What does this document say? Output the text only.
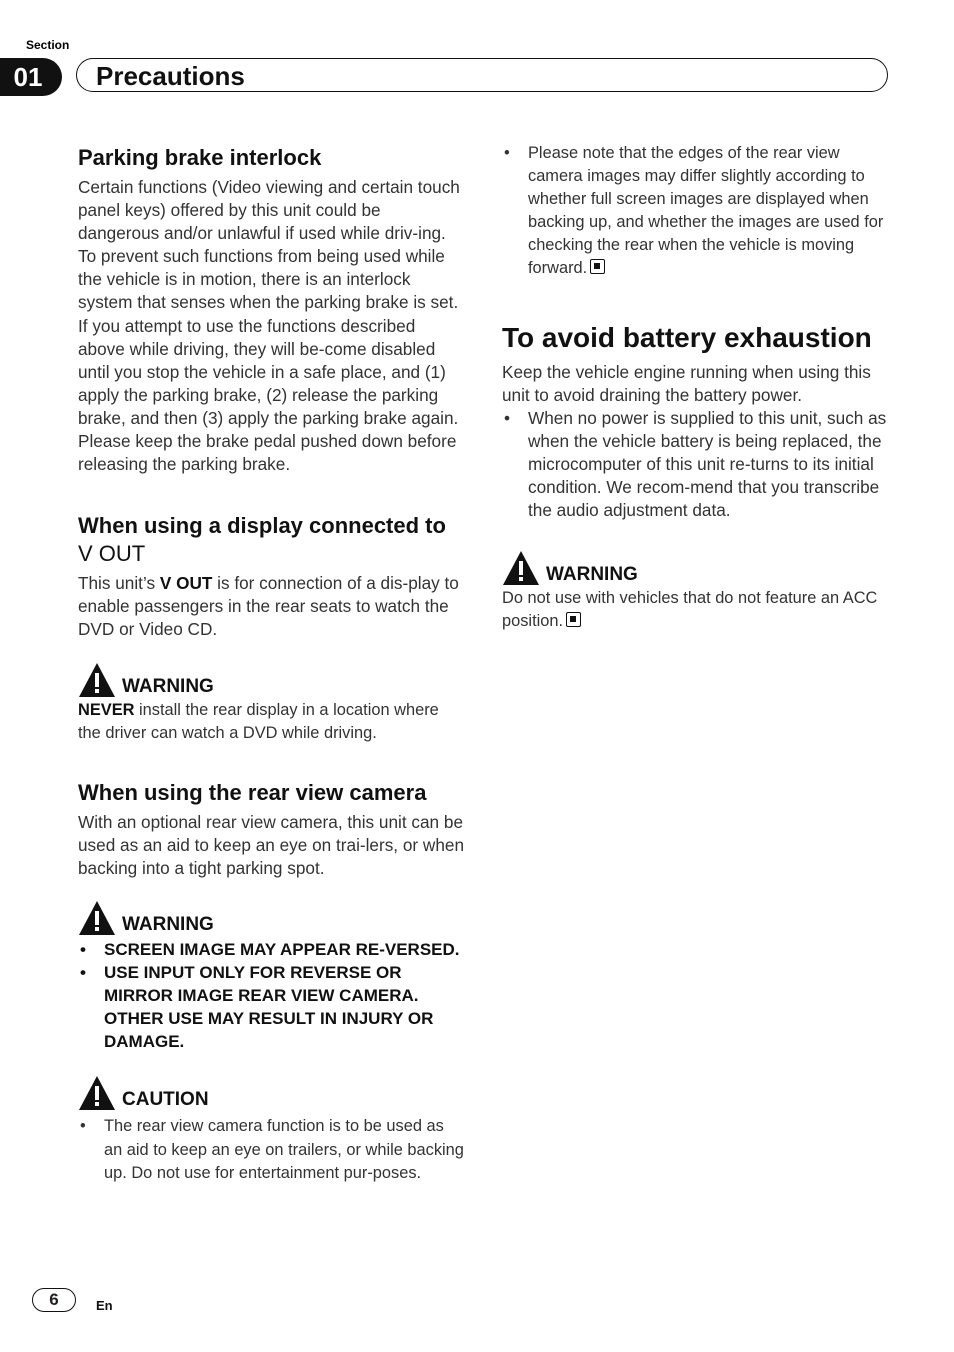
Section
01	Precautions
Parking brake interlock

Certain functions (Video viewing and certain touch panel keys) offered by this unit could be dangerous and/or unlawful if used while driv-ing. To prevent such functions from being used while the vehicle is in motion, there is an interlock system that senses when the parking brake is set. If you attempt to use the functions described above while driving, they will be-come disabled until you stop the vehicle in a safe place, and (1) apply the parking brake, (2) release the parking brake, and then (3) apply the parking brake again. Please keep the brake pedal pushed down before releasing the parking brake.

When using a display connected to V OUT

This unit’s V OUT is for connection of a dis-play to enable passengers in the rear seats to watch the DVD or Video CD.

WARNING

NEVER install the rear display in a location where the driver can watch a DVD while driving.

When using the rear view camera

With an optional rear view camera, this unit can be used as an aid to keep an eye on trai-lers, or when backing into a tight parking spot.

WARNING
• SCREEN IMAGE MAY APPEAR RE-VERSED.
• USE INPUT ONLY FOR REVERSE OR MIRROR IMAGE REAR VIEW CAMERA. OTHER USE MAY RESULT IN INJURY OR DAMAGE.
CAUTION
• The rear view camera function is to be used as an aid to keep an eye on trailers, or while backing up. Do not use for entertainment pur-poses.
• Please note that the edges of the rear view camera images may differ slightly according to whether full screen images are displayed when backing up, and whether the images are used for checking the rear when the vehicle is moving forward.
To avoid battery exhaustion

Keep the vehicle engine running when using this unit to avoid draining the battery power.

• When no power is supplied to this unit, such as when the vehicle battery is being replaced, the microcomputer of this unit re-turns to its initial condition. We recom-mend that you transcribe the audio adjustment data.
WARNING

Do not use with vehicles that do not feature an ACC position.

6	En
